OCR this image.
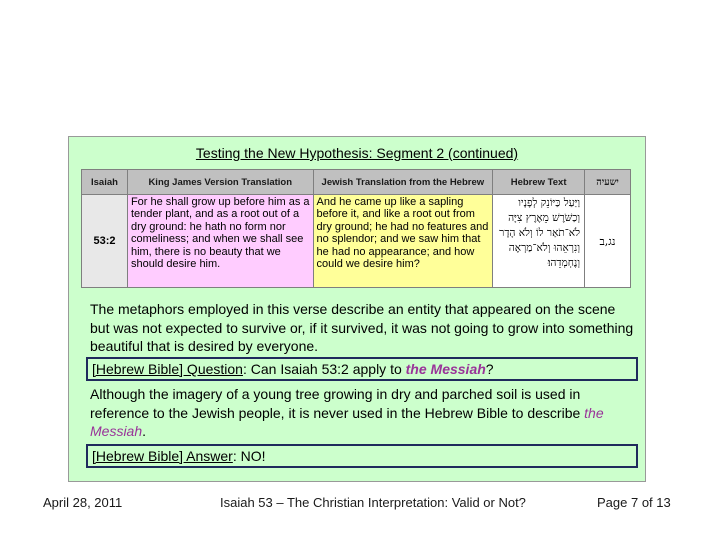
Testing the New Hypothesis: Segment 2 (continued)
Isaiah	King James Version Translation	Jewish Translation from the Hebrew	Hebrew Text	ישעיה
53:2	For he shall grow up before him as a tender plant, and as a root out of a dry ground: he hath no form nor comeliness; and when we shall see him, there is no beauty that we should desire him.	And he came up like a sapling before it, and like a root out from dry ground; he had no features and no splendor; and we saw him that he had no appearance; and how could we desire him?	וַיַּעַל כַּיּוֹנֵק לְפָנָיו וְכַשֹּׁרֶשׁ מֵאֶרֶץ צִיָּה לֹא־תֹאַר לוֹ וְלֹא הָדָר וְנִרְאֵהוּ וְלֹא־מַרְאֶה וְנֶחְמְדֵהוּ׃	נג,ב
The metaphors employed in this verse describe an entity that appeared on the scene but was not expected to survive or, if it survived, it was not going to grow into something beautiful that is desired by everyone.
[Hebrew Bible] Question: Can Isaiah 53:2 apply to the Messiah?
Although the imagery of a young tree growing in dry and parched soil is used in reference to the Jewish people, it is never used in the Hebrew Bible to describe the Messiah.
[Hebrew Bible] Answer: NO!
April 28, 2011	Isaiah 53 – The Christian Interpretation: Valid or Not?	Page 7 of 13
